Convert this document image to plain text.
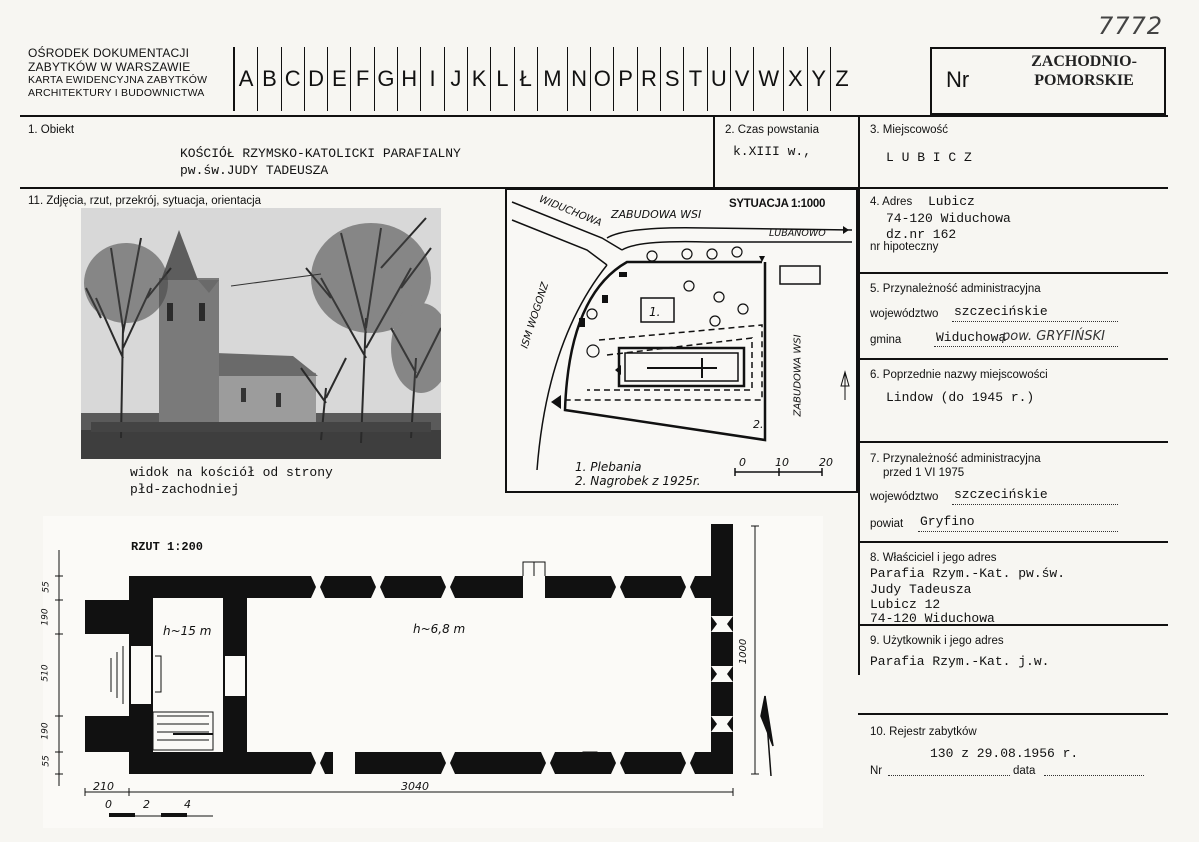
7772
OŚRODEK DOKUMENTACJI
ZABYTKÓW W WARSZAWIE
KARTA EWIDENCYJNA ZABYTKÓW
ARCHITEKTURY I BUDOWNICTWA
A B C D E F G H I J K L Ł M N O P R S T U V W X Y Z	Nr
ZACHODNIO-
POMORSKIE
1. Obiekt
KOŚCIÓŁ RZYMSKO-KATOLICKI PARAFIALNY
pw.św.JUDY TADEUSZA
2. Czas powstania
k.XIII w.,
3. Miejscowość
L U B I C Z
4. Adres Lubicz
74-120 Widuchowa
dz.nr 162
nr hipoteczny
5. Przynależność administracyjna
województwo szczecińskie
gmina	Widuchowa
pow. GRYFIŃSKI
6. Poprzednie nazwy miejscowości
Lindow (do 1945 r.)
7. Przynależność administracyjna
przed 1 VI 1975
województwo szczecińskie
powiat Gryfino
8. Właściciel i jego adres
Parafia Rzym.-Kat. pw.św.
Judy Tadeusza
Lubicz 12
74-120 Widuchowa
9. Użytkownik i jego adres
Parafia Rzym.-Kat. j.w.
10. Rejestr zabytków
130 z 29.08.1956 r.
Nr	data
11. Zdjęcia, rzut, przekrój, sytuacja, orientacja
widok na kościół od strony
płd-zachodniej
SYTUACJA 1:1000
WIDUCHOWA ZABUDOWA WSI
LUBANOWO
ISM WOGONZ
ZABUDOWA WSI
1.
2.
1. Plebania
2. Nagrobek z 1925r.
0	10	20
RZUT 1:200
h~15 m	h~6,8 m
55
190
510
190
55
1000
210	3040
0	2	4
